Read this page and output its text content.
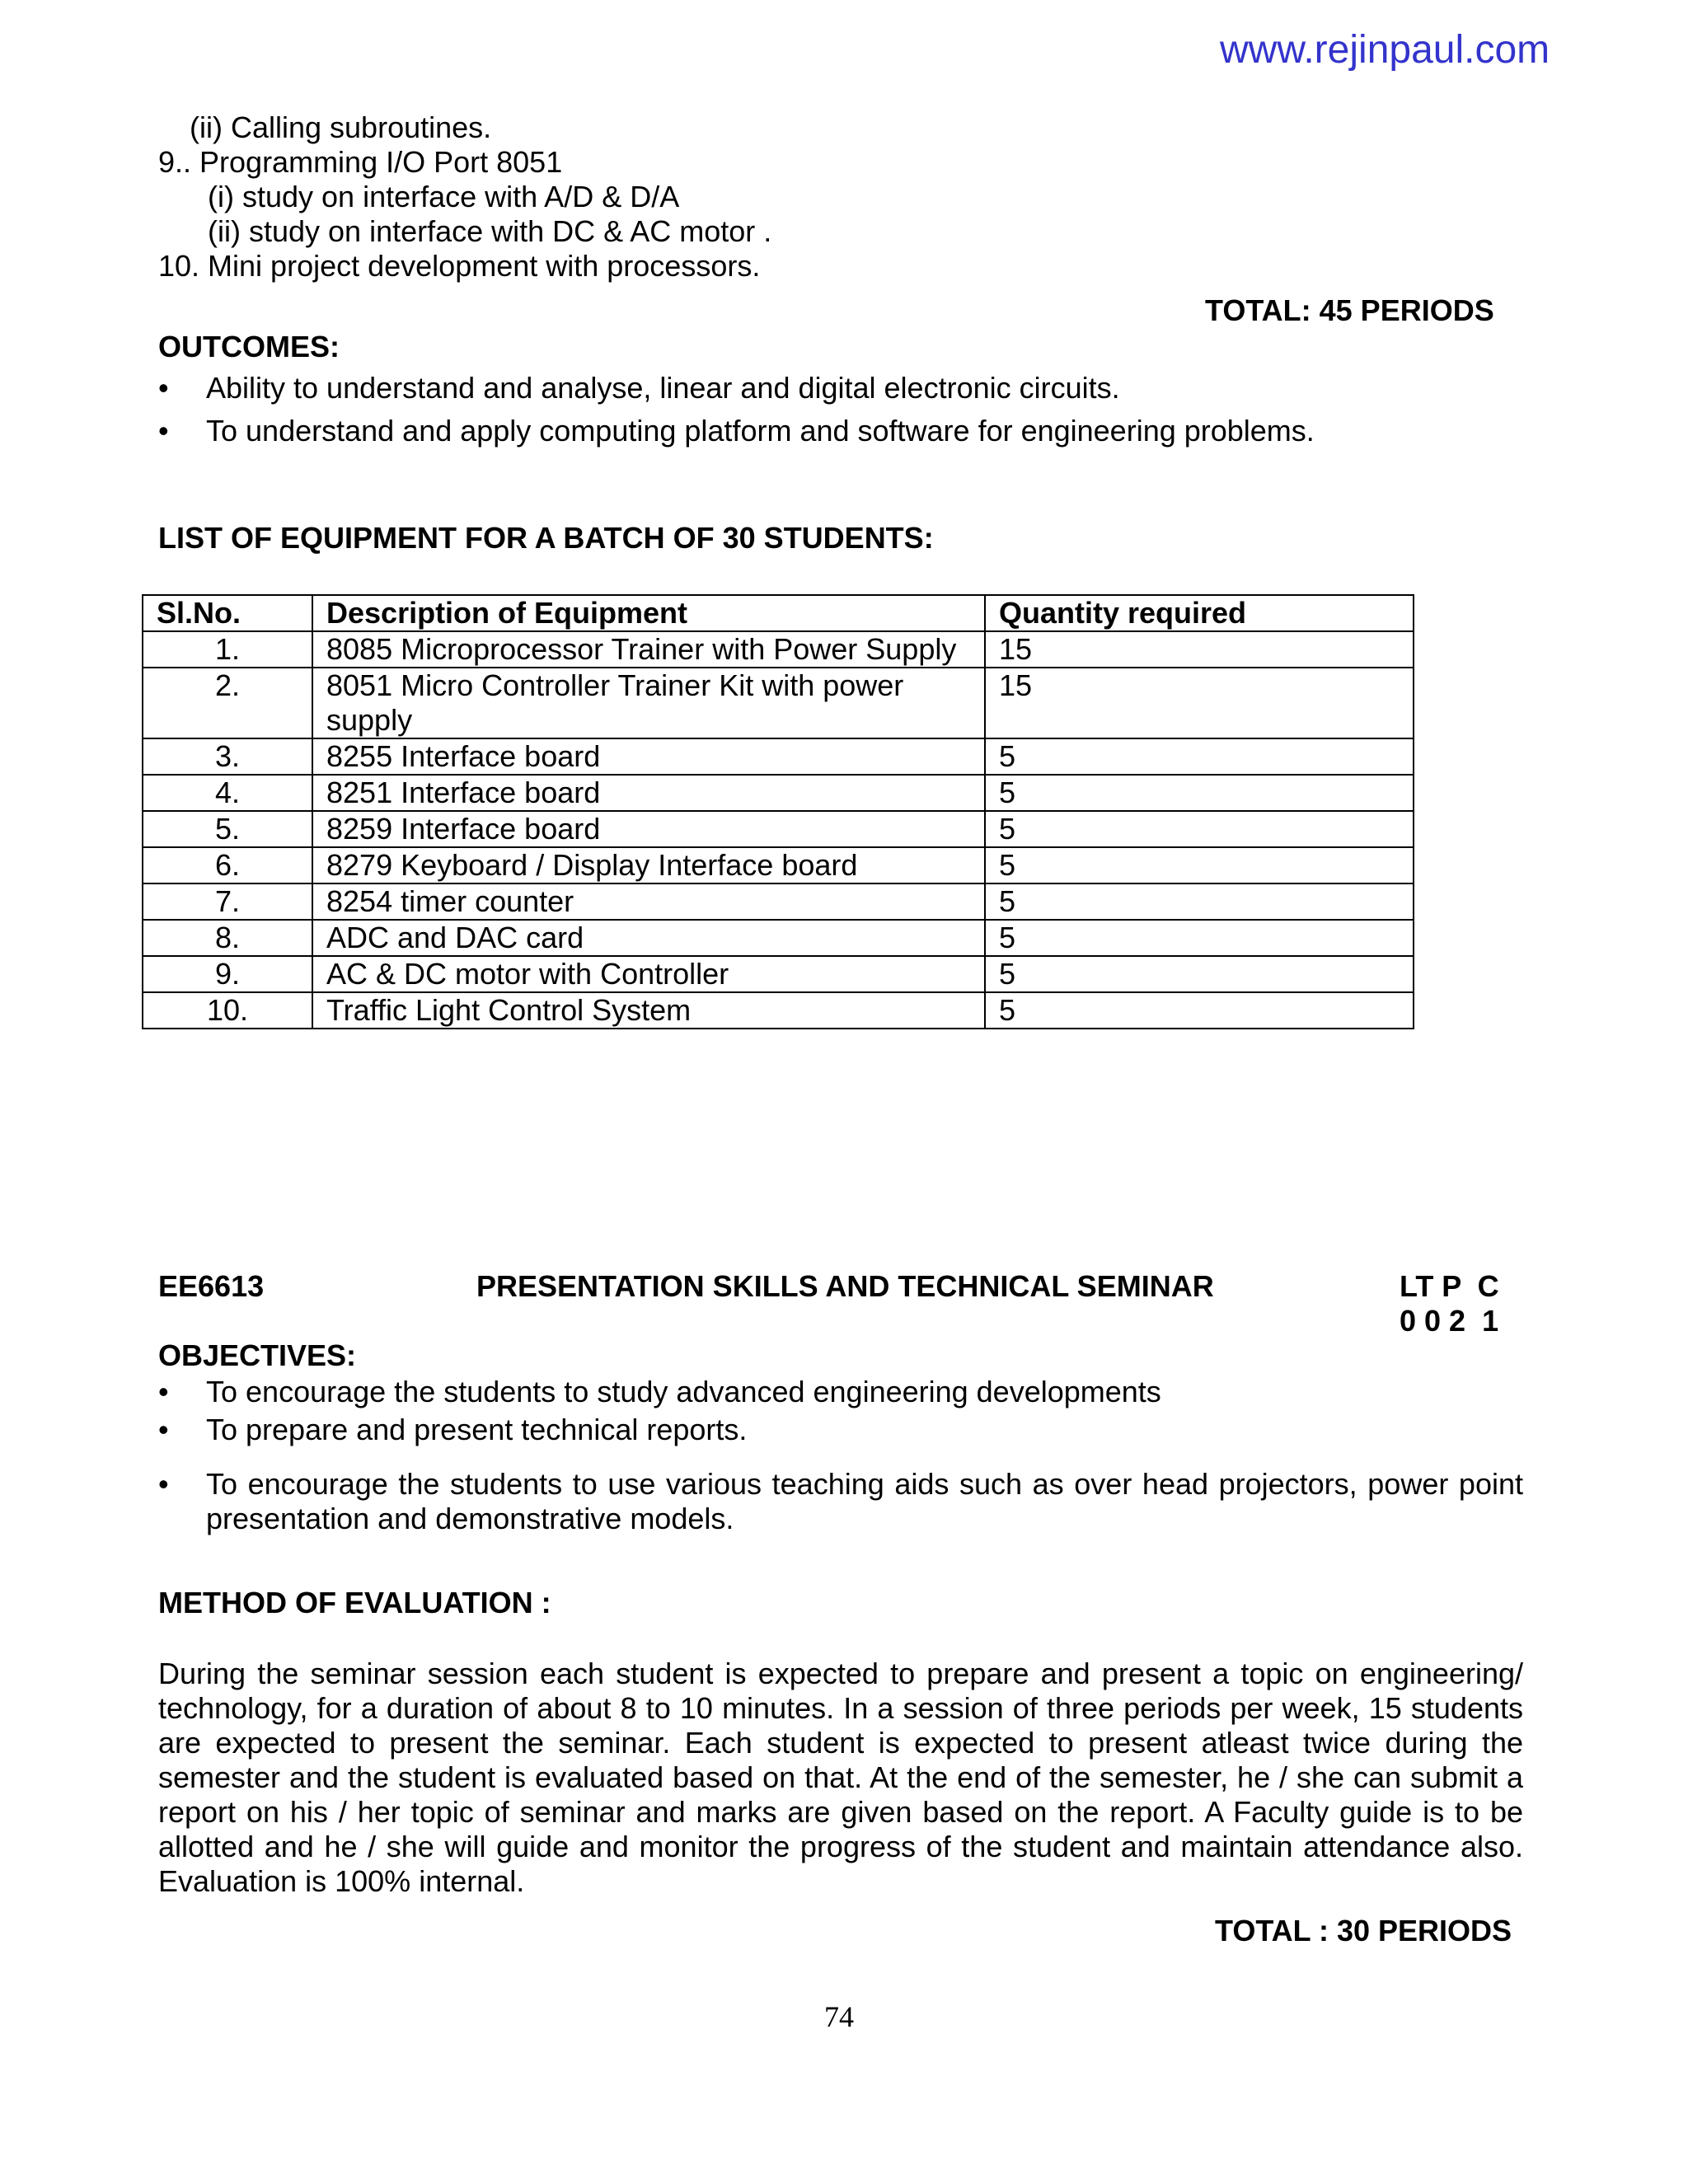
www.rejinpaul.com
(ii) Calling subroutines.
9.. Programming I/O Port 8051
(i) study on interface with A/D & D/A
(ii) study on interface with DC & AC motor .
10. Mini project development with processors.
TOTAL: 45 PERIODS
OUTCOMES:
• Ability to understand and analyse, linear and digital electronic circuits.
• To understand and apply computing platform and software for engineering problems.
LIST OF EQUIPMENT FOR A BATCH OF 30 STUDENTS:
Sl.No.	Description of Equipment	Quantity required
1.	8085 Microprocessor Trainer with Power Supply	15
2.	8051 Micro Controller Trainer Kit with power supply	15
3.	8255 Interface board	5
4.	8251 Interface board	5
5.	8259 Interface board	5
6.	8279 Keyboard / Display Interface board	5
7.	8254 timer counter	5
8.	ADC and DAC card	5
9.	AC & DC motor with Controller	5
10.	Traffic Light Control System	5
EE6613	PRESENTATION SKILLS AND TECHNICAL SEMINAR	LT P  C
0 0 2  1
OBJECTIVES:
• To encourage the students to study advanced engineering developments
• To prepare and present technical reports.
• To encourage the students to use various teaching aids such as over head projectors, power point presentation and demonstrative models.
METHOD OF EVALUATION :
During the seminar session each student is expected to prepare and present a topic on engineering/ technology, for a duration of about 8 to 10 minutes. In a session of three periods per week, 15 students are expected to present the seminar. Each student is expected to present atleast twice during the semester and the student is evaluated based on that. At the end of the semester, he / she can submit a report on his / her topic of seminar and marks are given based on the report. A Faculty guide is to be allotted and he / she will guide and monitor the progress of the student and maintain attendance also. Evaluation is 100% internal.
TOTAL : 30 PERIODS
74
